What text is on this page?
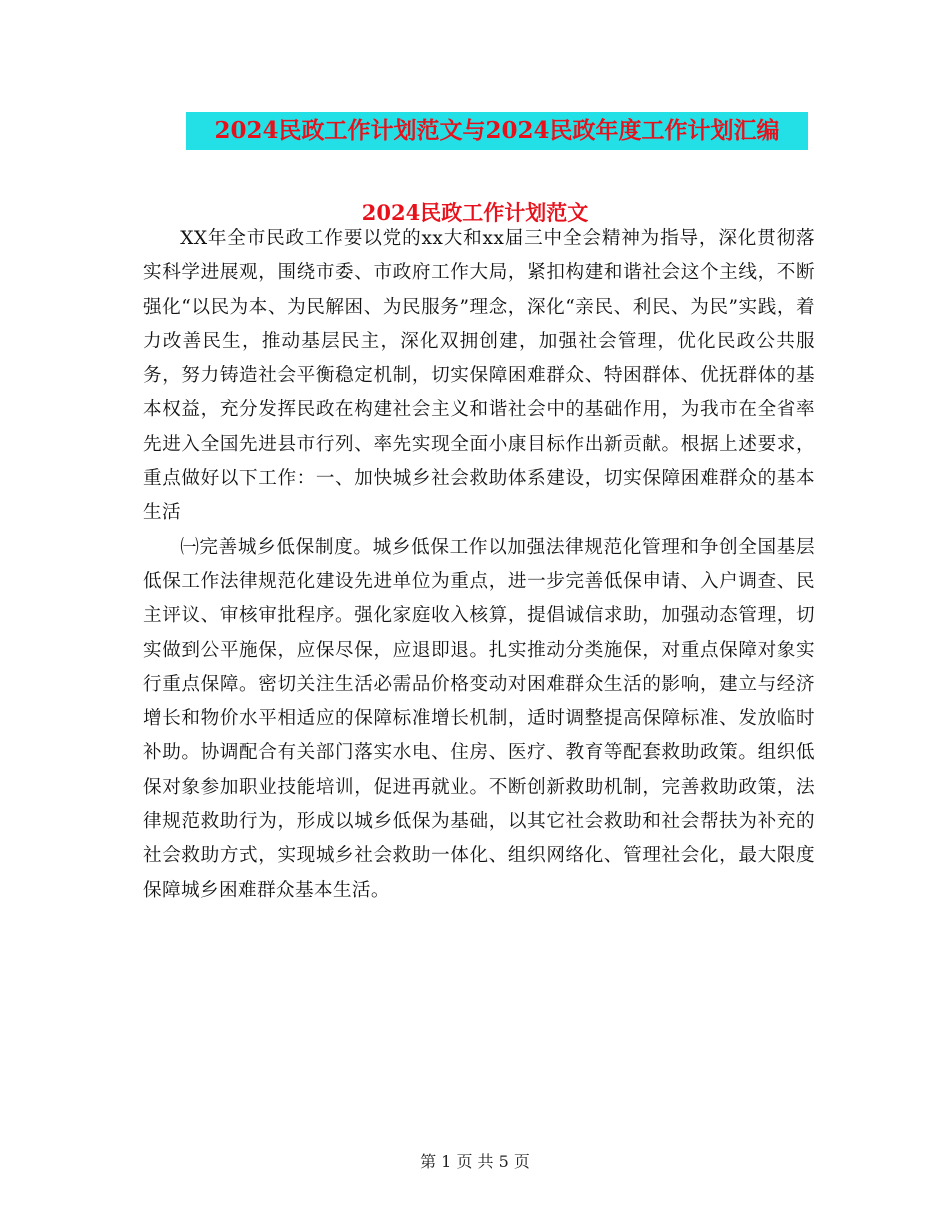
2024民政工作计划范文与2024民政年度工作计划汇编
2024民政工作计划范文

XX年全市民政工作要以党的xx大和xx届三中全会精神为指导，深化贯彻落实科学进展观，围绕市委、市政府工作大局，紧扣构建和谐社会这个主线，不断强化“以民为本、为民解困、为民服务”理念，深化“亲民、利民、为民”实践，着力改善民生，推动基层民主，深化双拥创建，加强社会管理，优化民政公共服务，努力铸造社会平衡稳定机制，切实保障困难群众、特困群体、优抚群体的基本权益，充分发挥民政在构建社会主义和谐社会中的基础作用，为我市在全省率先进入全国先进县市行列、率先实现全面小康目标作出新贡献。根据上述要求，重点做好以下工作：一、加快城乡社会救助体系建设，切实保障困难群众的基本生活

㈠完善城乡低保制度。城乡低保工作以加强法律规范化管理和争创全国基层低保工作法律规范化建设先进单位为重点，进一步完善低保申请、入户调查、民主评议、审核审批程序。强化家庭收入核算，提倡诚信求助，加强动态管理，切实做到公平施保，应保尽保，应退即退。扎实推动分类施保，对重点保障对象实行重点保障。密切关注生活必需品价格变动对困难群众生活的影响，建立与经济增长和物价水平相适应的保障标准增长机制，适时调整提高保障标准、发放临时补助。协调配合有关部门落实水电、住房、医疗、教育等配套救助政策。组织低保对象参加职业技能培训，促进再就业。不断创新救助机制，完善救助政策，法律规范救助行为，形成以城乡低保为基础，以其它社会救助和社会帮扶为补充的社会救助方式，实现城乡社会救助一体化、组织网络化、管理社会化，最大限度保障城乡困难群众基本生活。

第 1 页 共 5 页
